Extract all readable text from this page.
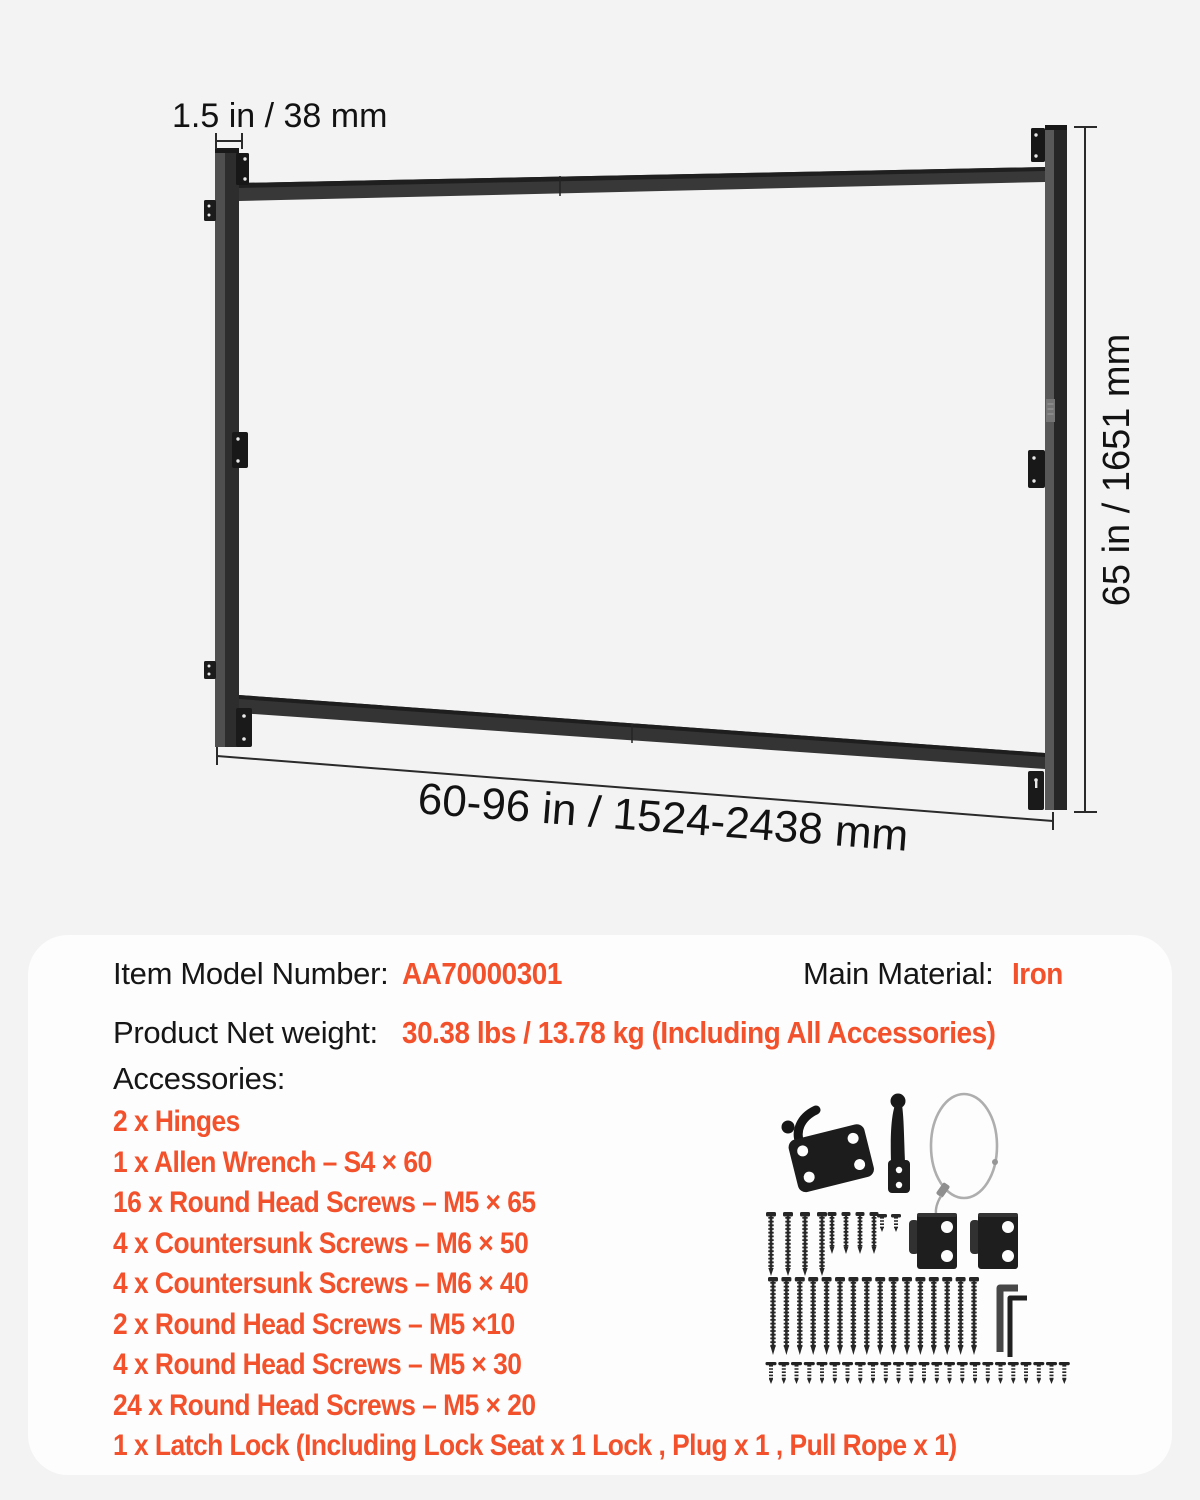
1.5 in / 38 mm
65 in / 1651 mm
60-96 in / 1524-2438 mm
Item Model Number: AA70000301	Main Material: Iron
Product Net weight: 30.38 lbs / 13.78 kg (Including All Accessories)
Accessories:
2 x Hinges
1 x Allen Wrench – S4 × 60
16 x Round Head Screws – M5 × 65
4 x Countersunk Screws – M6 × 50
4 x Countersunk Screws – M6 × 40
2 x Round Head Screws – M5 ×10
4 x Round Head Screws – M5 × 30
24 x Round Head Screws – M5 × 20
1 x Latch Lock (Including Lock Seat x 1 Lock , Plug x 1 , Pull Rope x 1)
